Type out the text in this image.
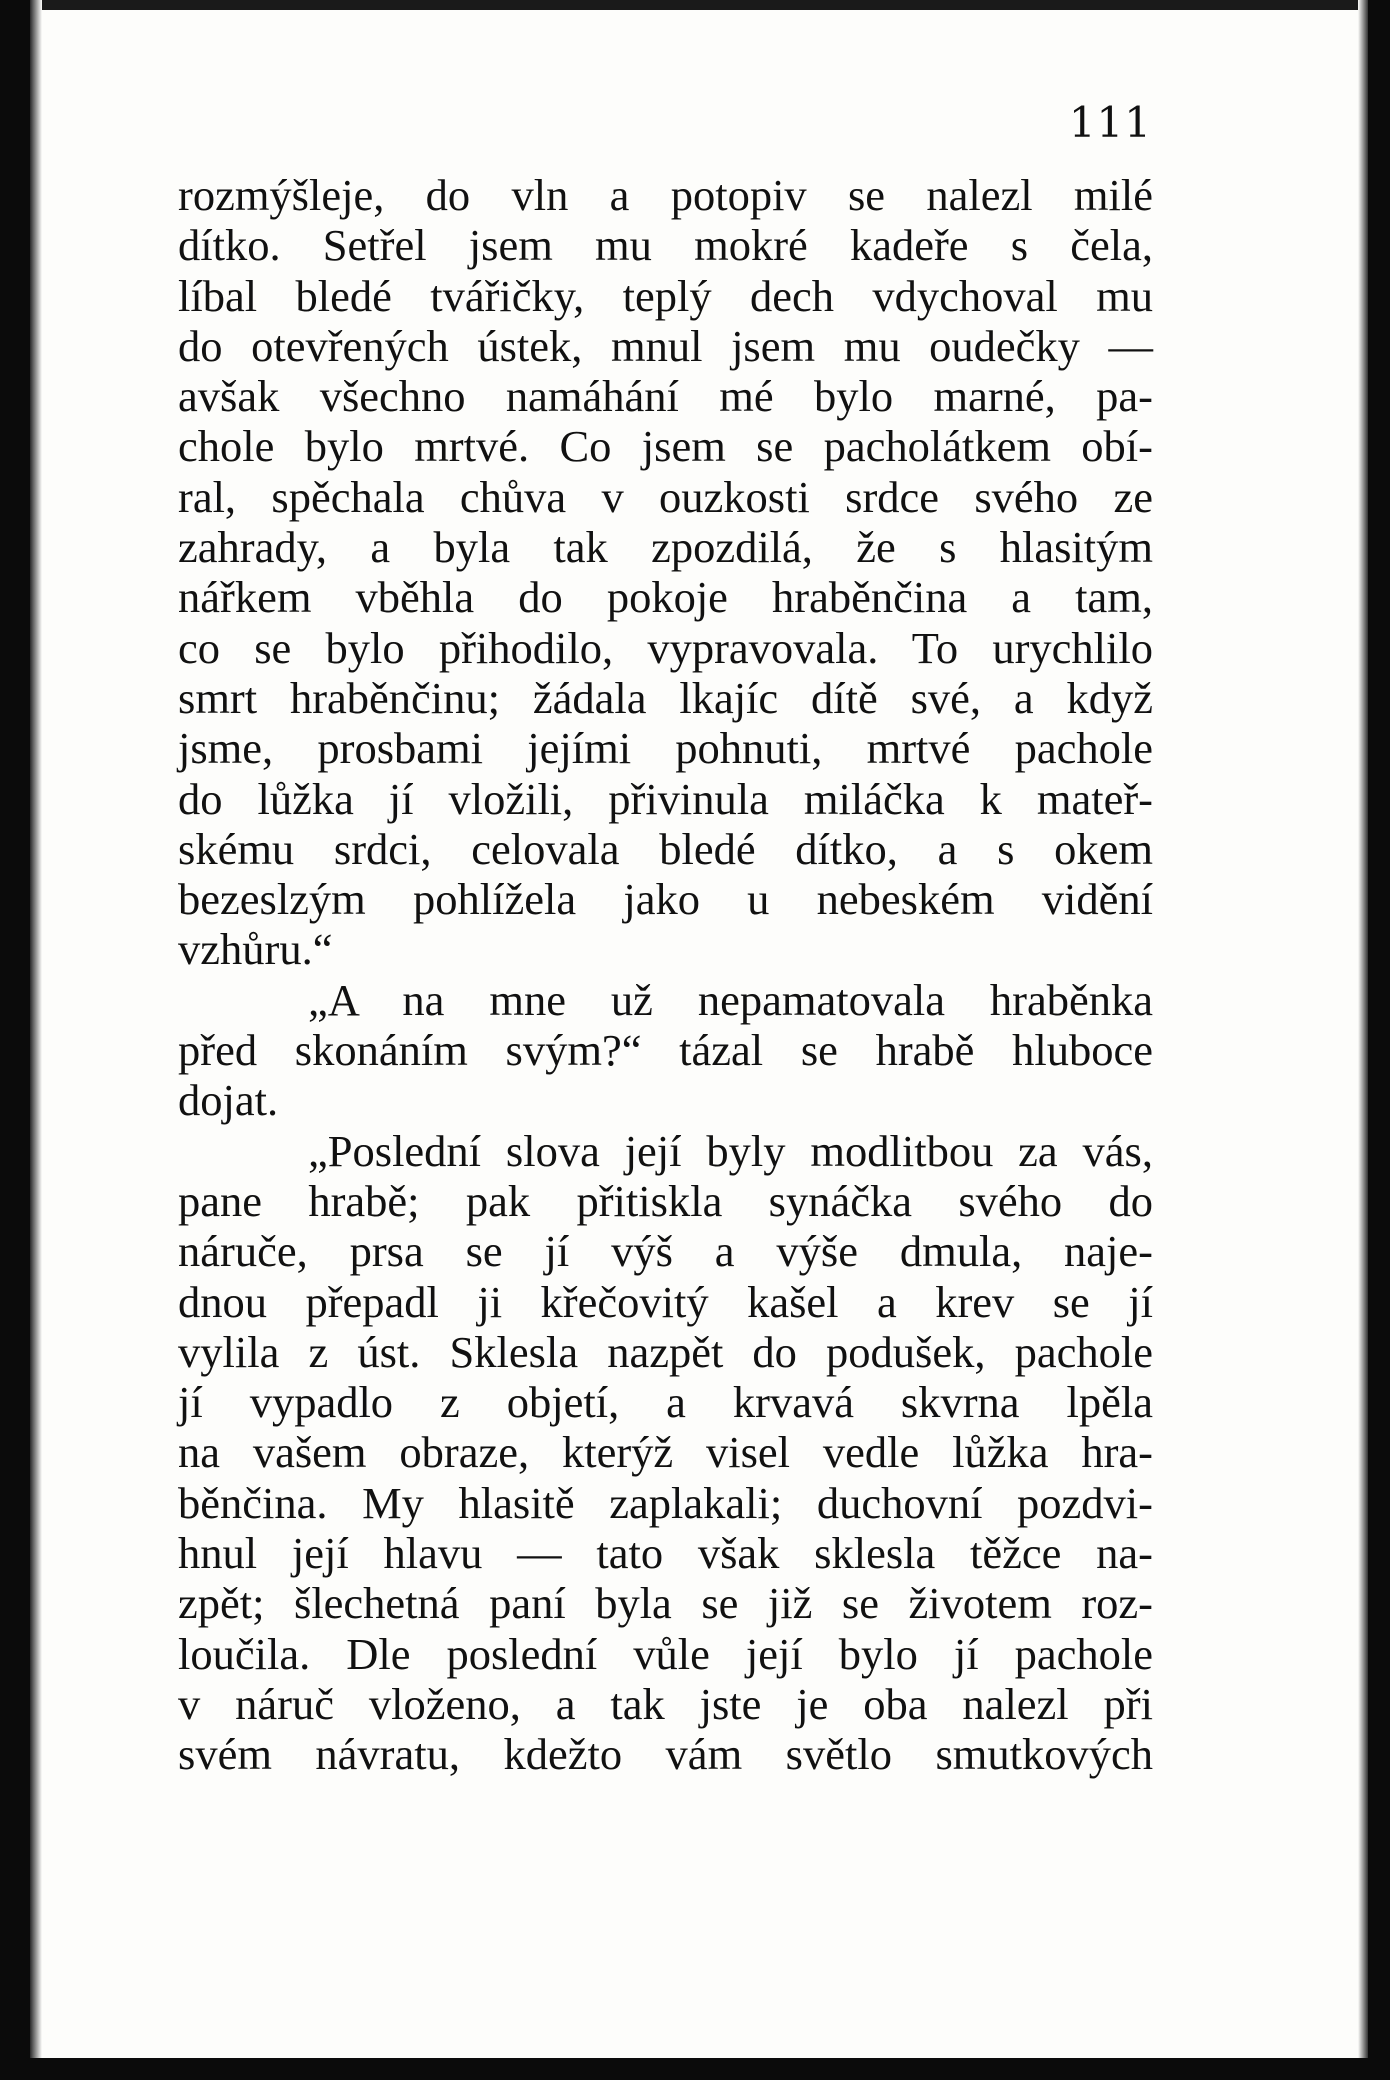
111
rozmýšleje, do vln a potopiv se nalezl milé
dítko. Setřel jsem mu mokré kadeře s čela,
líbal bledé tvářičky, teplý dech vdychoval mu
do otevřených ústek, mnul jsem mu oudečky —
avšak všechno namáhání mé bylo marné, pa-
chole bylo mrtvé. Co jsem se pacholátkem obí-
ral, spěchala chůva v ouzkosti srdce svého ze
zahrady, a byla tak zpozdilá, že s hlasitým
nářkem vběhla do pokoje hraběnčina a tam,
co se bylo přihodilo, vypravovala. To urychlilo
smrt hraběnčinu; žádala lkajíc dítě své, a když
jsme, prosbami jejími pohnuti, mrtvé pachole
do lůžka jí vložili, přivinula miláčka k mateř-
skému srdci, celovala bledé dítko, a s okem
bezeslzým pohlížela jako u nebeském vidění
vzhůru.“
„A na mne už nepamatovala hraběnka
před skonáním svým?“ tázal se hrabě hluboce
dojat.
„Poslední slova její byly modlitbou za vás,
pane hrabě; pak přitiskla synáčka svého do
náruče, prsa se jí výš a výše dmula, naje-
dnou přepadl ji křečovitý kašel a krev se jí
vylila z úst. Sklesla nazpět do podušek, pachole
jí vypadlo z objetí, a krvavá skvrna lpěla
na vašem obraze, kterýž visel vedle lůžka hra-
běnčina. My hlasitě zaplakali; duchovní pozdvi-
hnul její hlavu — tato však sklesla těžce na-
zpět; šlechetná paní byla se již se životem roz-
loučila. Dle poslední vůle její bylo jí pachole
v náruč vloženo, a tak jste je oba nalezl při
svém návratu, kdežto vám světlo smutkových
